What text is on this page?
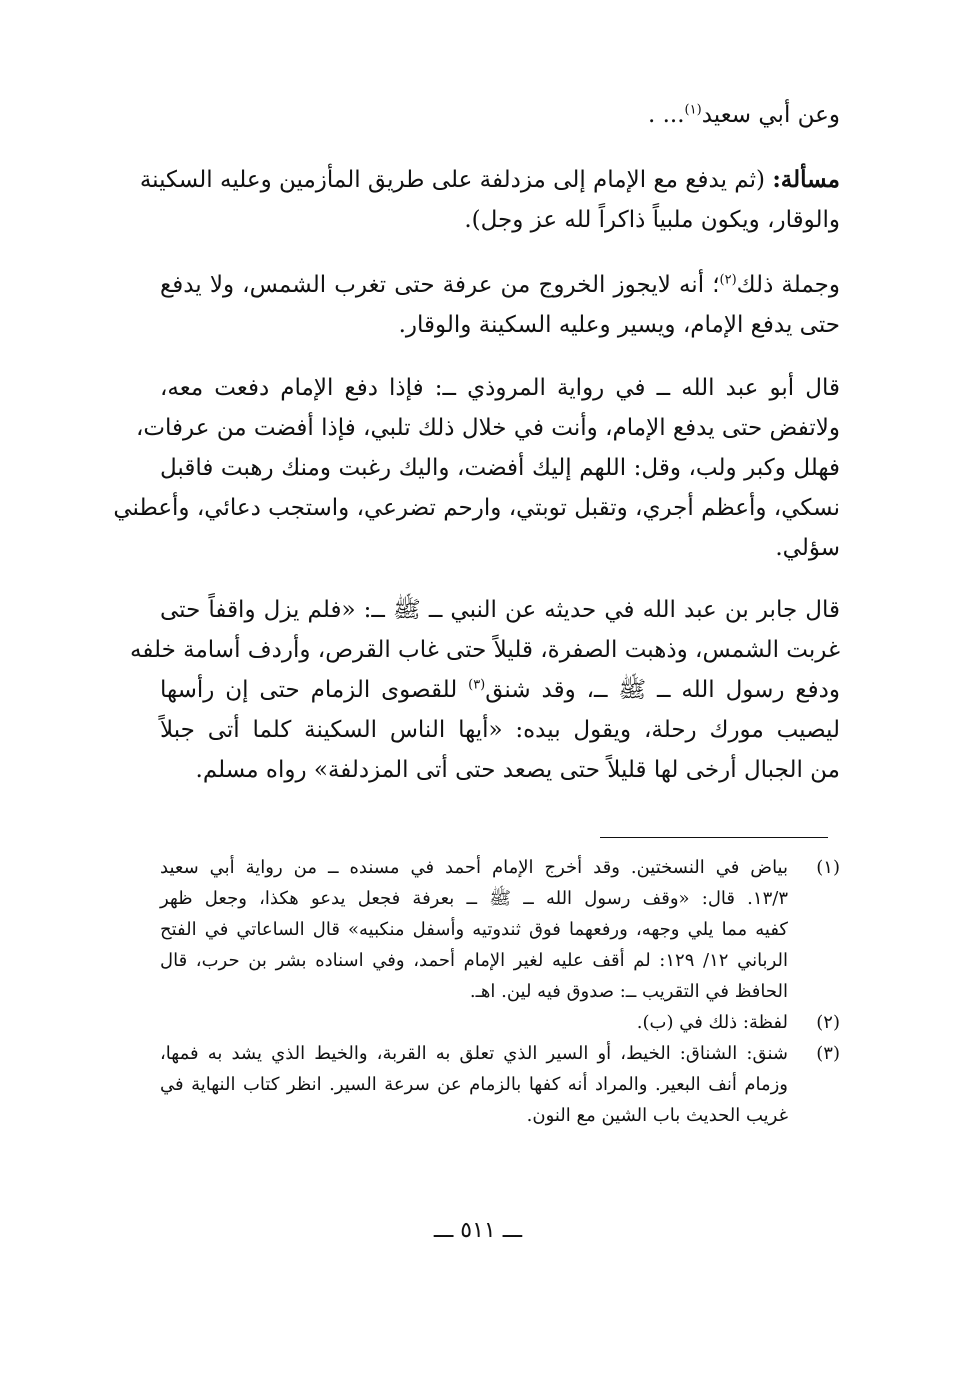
وعن أبي سعيد$^{(١)}$... .
مسألة: (ثم يدفع مع الإمام إلى مزدلفة على طريق المأزمين وعليه السكينة
والوقار، ويكون ملبياً ذاكراً لله عز وجل).
وجملة ذلك$^{(٢)}$؛ أنه لايجوز الخروج من عرفة حتى تغرب الشمس، ولا يدفع
حتى يدفع الإمام، ويسير وعليه السكينة والوقار.
قال أبو عبد الله ــ في رواية المروذي ــ: فإذا دفع الإمام دفعت معه،
ولاتفض حتى يدفع الإمام، وأنت في خلال ذلك تلبي، فإذا أفضت من عرفات،
فهلل وكبر ولب، وقل: اللهم إليك أفضت، واليك رغبت ومنك رهبت فاقبل
نسكي، وأعظم أجري، وتقبل توبتي، وارحم تضرعي، واستجب دعائي، وأعطني
سؤلي.
قال جابر بن عبد الله في حديثه عن النبي ــ ﷺ ــ: «فلم يزل واقفاً حتى
غربت الشمس، وذهبت الصفرة، قليلاً حتى غاب القرص، وأردف أسامة خلفه
ودفع رسول الله ــ ﷺ ــ، وقد شنق$^{(٣)}$ للقصوى الزمام حتى إن رأسها
ليصيب مورك رحلة، ويقول بيده: «أيها الناس السكينة كلما أتى جبلاً
من الجبال أرخى لها قليلاً حتى يصعد حتى أتى المزدلفة» رواه مسلم.
(١)
بياض في النسختين. وقد أخرج الإمام أحمد في مسنده ــ من رواية أبي سعيد
١٣/٣. قال: «وقف رسول الله ــ ﷺ ــ بعرفة فجعل يدعو هكذا، وجعل ظهر
كفيه مما يلي وجهه، ورفعهما فوق ثندوتيه وأسفل منكبيه» قال الساعاتي في الفتح
الرباني ١٢/ ١٢٩: لم أقف عليه لغير الإمام أحمد، وفي اسناده بشر بن حرب، قال
الحافظ في التقريب ــ: صدوق فيه لين. اهـ.
(٢)
لفظة: ذلك في (ب).
(٣)
شنق: الشناق: الخيط، أو السير الذي تعلق به القربة، والخيط الذي يشد به فمها،
وزمام أنف البعير. والمراد أنه كفها بالزمام عن سرعة السير. انظر كتاب النهاية في
غريب الحديث باب الشين مع النون.
ـــ ٥١١ ـــ
